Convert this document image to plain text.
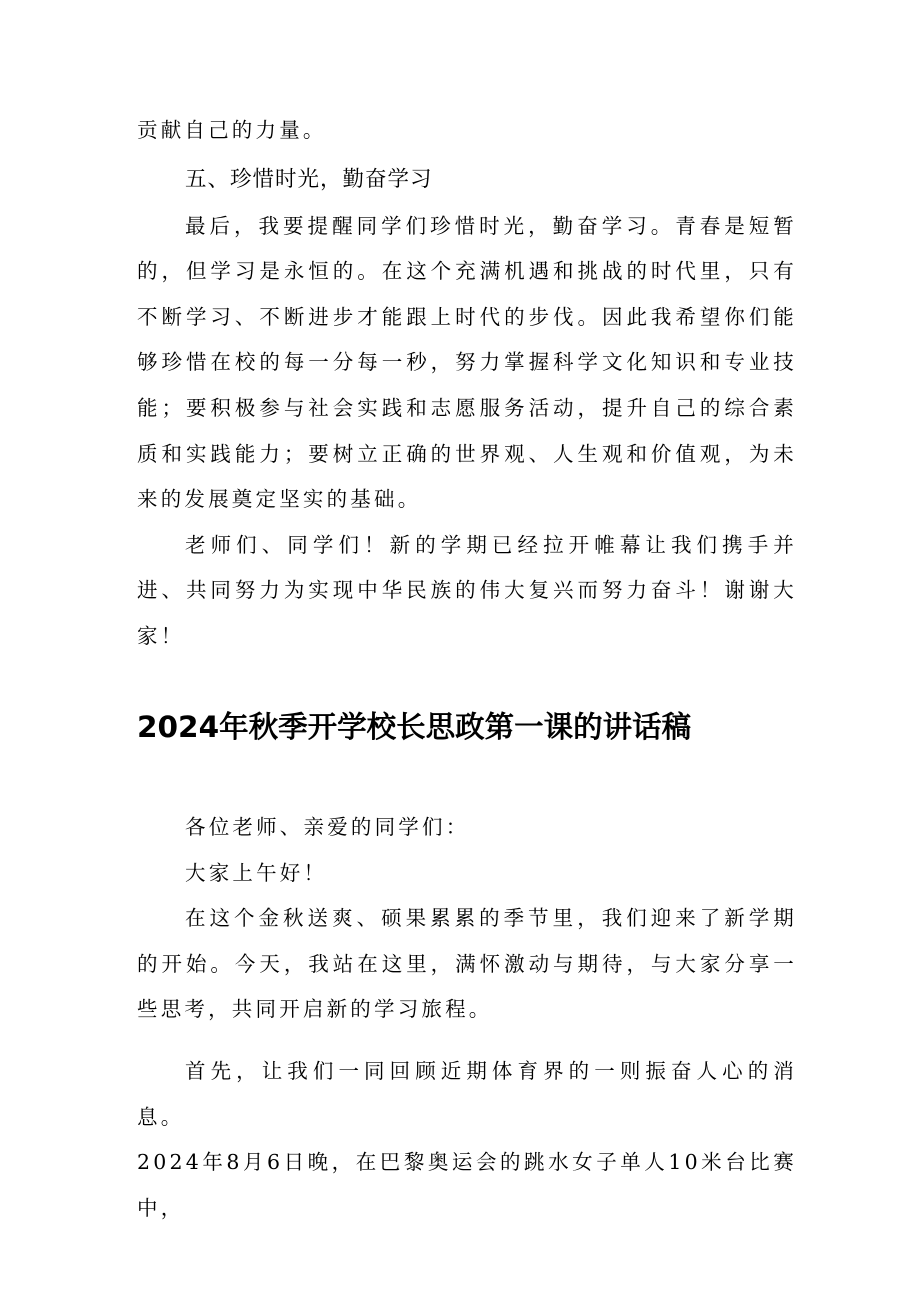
贡献自己的力量。

五、珍惜时光，勤奋学习

最后，我要提醒同学们珍惜时光，勤奋学习。青春是短暂的，但学习是永恒的。在这个充满机遇和挑战的时代里，只有不断学习、不断进步才能跟上时代的步伐。因此我希望你们能够珍惜在校的每一分每一秒，努力掌握科学文化知识和专业技能；要积极参与社会实践和志愿服务活动，提升自己的综合素质和实践能力；要树立正确的世界观、人生观和价值观，为未来的发展奠定坚实的基础。

老师们、同学们！新的学期已经拉开帷幕让我们携手并进、共同努力为实现中华民族的伟大复兴而努力奋斗！谢谢大家！

2024年秋季开学校长思政第一课的讲话稿

各位老师、亲爱的同学们：

大家上午好！

在这个金秋送爽、硕果累累的季节里，我们迎来了新学期的开始。今天，我站在这里，满怀激动与期待，与大家分享一些思考，共同开启新的学习旅程。

首先，让我们一同回顾近期体育界的一则振奋人心的消息。

2024年8月6日晚，在巴黎奥运会的跳水女子单人10米台比赛中，
